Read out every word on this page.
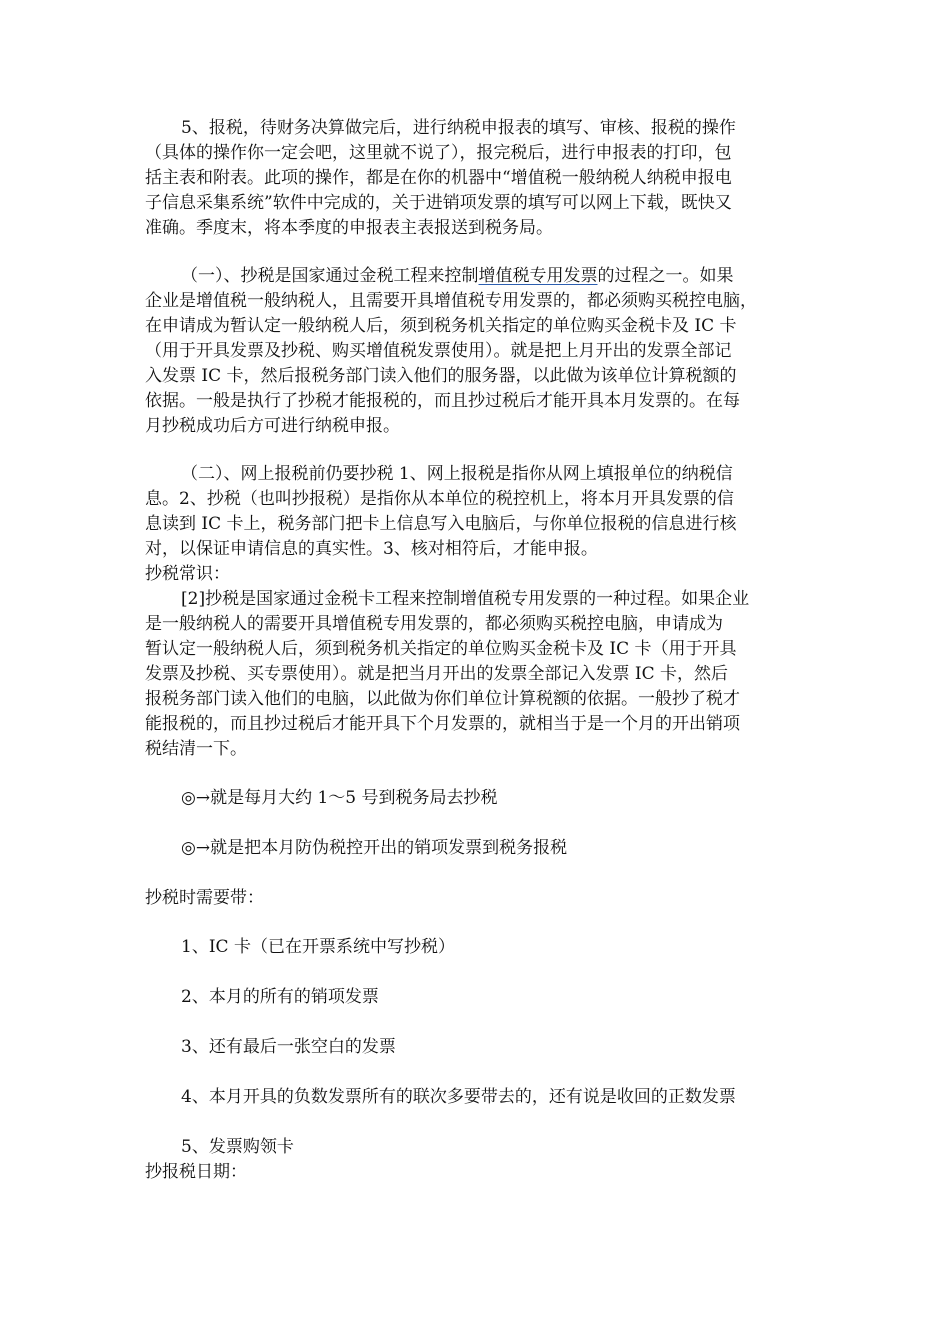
5、报税，待财务决算做完后，进行纳税申报表的填写、审核、报税的操作
（具体的操作你一定会吧，这里就不说了），报完税后，进行申报表的打印，包
括主表和附表。此项的操作，都是在你的机器中“增值税一般纳税人纳税申报电
子信息采集系统”软件中完成的，关于进销项发票的填写可以网上下载，既快又
准确。季度末，将本季度的申报表主表报送到税务局。
（一）、抄税是国家通过金税工程来控制增值税专用发票的过程之一。如果
企业是增值税一般纳税人，且需要开具增值税专用发票的，都必须购买税控电脑，
在申请成为暂认定一般纳税人后，须到税务机关指定的单位购买金税卡及 IC 卡
（用于开具发票及抄税、购买增值税发票使用）。就是把上月开出的发票全部记
入发票 IC 卡，然后报税务部门读入他们的服务器，以此做为该单位计算税额的
依据。一般是执行了抄税才能报税的，而且抄过税后才能开具本月发票的。在每
月抄税成功后方可进行纳税申报。
（二）、网上报税前仍要抄税 1、网上报税是指你从网上填报单位的纳税信
息。2、抄税（也叫抄报税）是指你从本单位的税控机上，将本月开具发票的信
息读到 IC 卡上，税务部门把卡上信息写入电脑后，与你单位报税的信息进行核
对，以保证申请信息的真实性。3、核对相符后，才能申报。
抄税常识：
[2]抄税是国家通过金税卡工程来控制增值税专用发票的一种过程。如果企业
是一般纳税人的需要开具增值税专用发票的，都必须购买税控电脑，申请成为
暂认定一般纳税人后，须到税务机关指定的单位购买金税卡及 IC 卡（用于开具
发票及抄税、买专票使用）。就是把当月开出的发票全部记入发票 IC 卡，然后
报税务部门读入他们的电脑，以此做为你们单位计算税额的依据。一般抄了税才
能报税的，而且抄过税后才能开具下个月发票的，就相当于是一个月的开出销项
税结清一下。
◎→就是每月大约 1～5 号到税务局去抄税
◎→就是把本月防伪税控开出的销项发票到税务报税
抄税时需要带：
1、IC 卡（已在开票系统中写抄税）
2、本月的所有的销项发票
3、还有最后一张空白的发票
4、本月开具的负数发票所有的联次多要带去的，还有说是收回的正数发票
5、发票购领卡
抄报税日期：
